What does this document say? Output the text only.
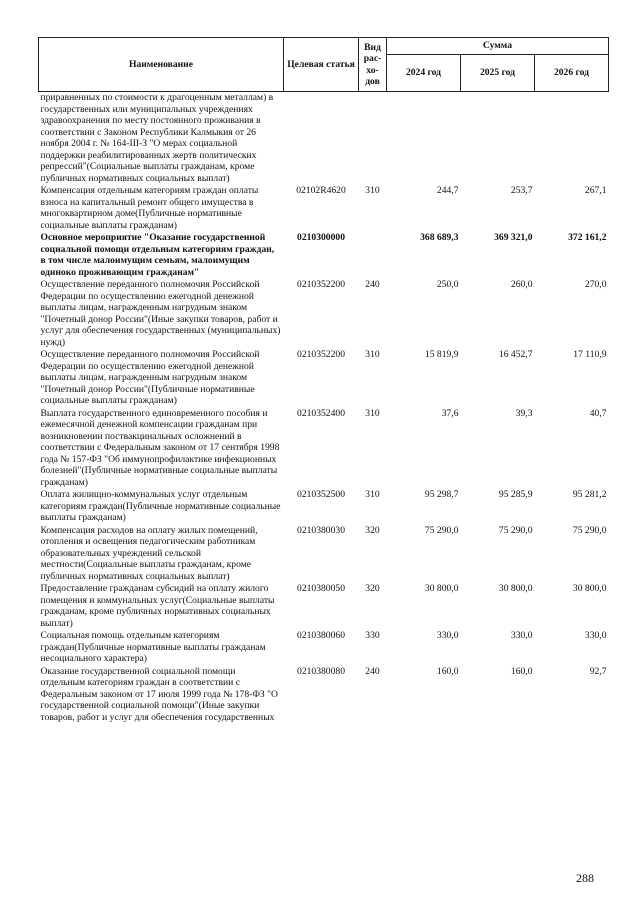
Наименование	Целевая статья	Вид рас-хо-дов	Сумма		
			2024 год	2025 год	2026 год
приравненных по стоимости к драгоценным металлам) в государственных или муниципальных учреждениях здравоохранения по месту постоянного проживания в соответствии с Законом Республики Калмыкия от 26 ноября 2004 г. № 164-III-З "О мерах социальной поддержки реабилитированных жертв политических репрессий"(Социальные выплаты гражданам, кроме публичных нормативных социальных выплат)					
Компенсация отдельным категориям граждан оплаты взноса на капитальный ремонт общего имущества в многоквартирном доме(Публичные нормативные социальные выплаты гражданам)	02102R4620	310	244,7	253,7	267,1
Основное мероприятие "Оказание государственной социальной помощи отдельным категориям граждан, в том числе малоимущим семьям, малоимущим одиноко проживающим гражданам"	0210300000		368 689,3	369 321,0	372 161,2
Осуществление переданного полномочия Российской Федерации по осуществлению ежегодной денежной выплаты лицам, награжденным нагрудным знаком "Почетный донор России"(Иные закупки товаров, работ и услуг для обеспечения государственных (муниципальных) нужд)	0210352200	240	250,0	260,0	270,0
Осуществление переданного полномочия Российской Федерации по осуществлению ежегодной денежной выплаты лицам, награжденным нагрудным знаком "Почетный донор России"(Публичные нормативные социальные выплаты гражданам)	0210352200	310	15 819,9	16 452,7	17 110,9
Выплата государственного единовременного пособия и ежемесячной денежной компенсации гражданам при возникновении поствакцинальных осложнений в соответствии с Федеральным законом от 17 сентября 1998 года № 157-ФЗ "Об иммунопрофилактике инфекционных болезней"(Публичные нормативные социальные выплаты гражданам)	0210352400	310	37,6	39,3	40,7
Оплата жилищно-коммунальных услуг отдельным категориям граждан(Публичные нормативные социальные выплаты гражданам)	0210352500	310	95 298,7	95 285,9	95 281,2
Компенсация расходов на оплату жилых помещений, отопления и освещения педагогическим работникам образовательных учреждений сельской местности(Социальные выплаты гражданам, кроме публичных нормативных социальных выплат)	0210380030	320	75 290,0	75 290,0	75 290,0
Предоставление гражданам субсидий на оплату жилого помещения и коммунальных услуг(Социальные выплаты гражданам, кроме публичных нормативных социальных выплат)	0210380050	320	30 800,0	30 800,0	30 800,0
Социальная помощь отдельным категориям граждан(Публичные нормативные выплаты гражданам несоциального характера)	0210380060	330	330,0	330,0	330,0
Оказание государственной социальной помощи отдельным категориям граждан в соответствии с Федеральным законом от 17 июля 1999 года № 178-ФЗ "О государственной социальной помощи"(Иные закупки товаров, работ и услуг для обеспечения государственных	0210380080	240	160,0	160,0	92,7
288
